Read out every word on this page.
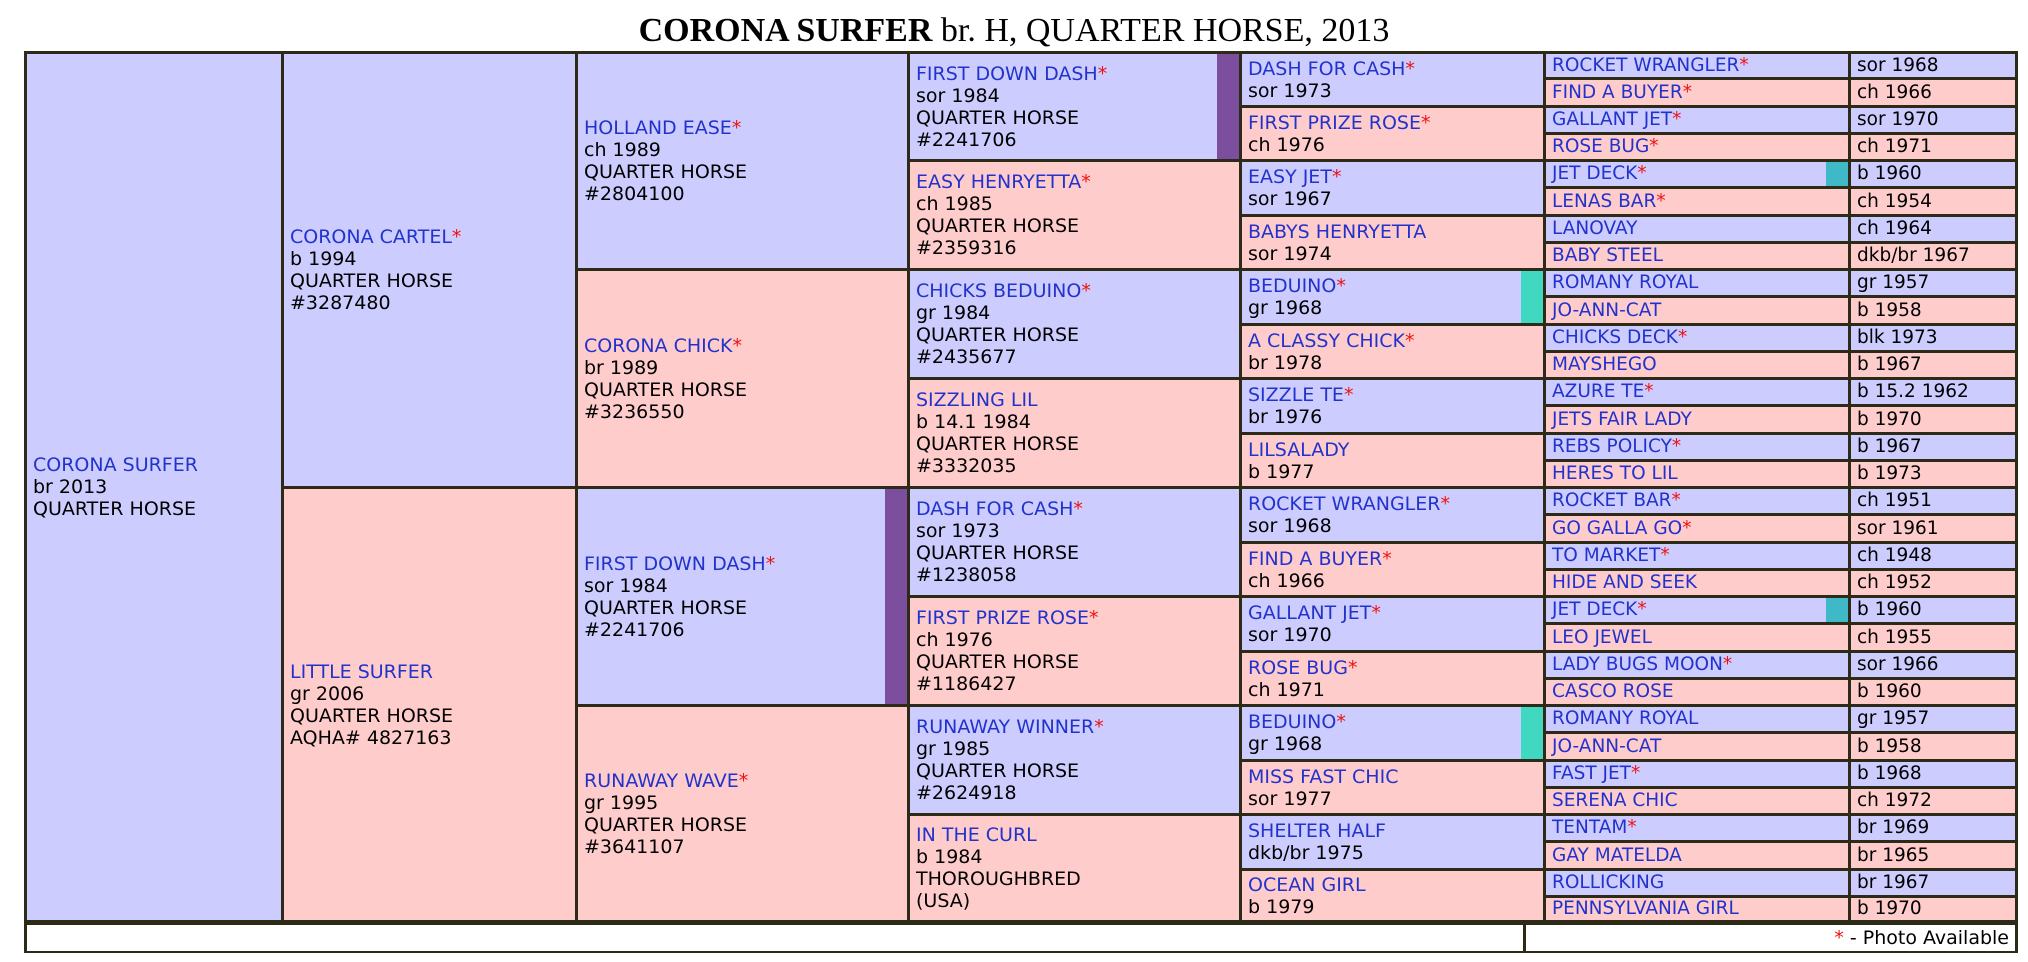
CORONA SURFER br. H, QUARTER HORSE, 2013
CORONA SURFER
br 2013
QUARTER HORSE
CORONA CARTEL*
b 1994
QUARTER HORSE
#3287480
LITTLE SURFER
gr 2006
QUARTER HORSE
AQHA# 4827163
HOLLAND EASE*
ch 1989
QUARTER HORSE
#2804100
CORONA CHICK*
br 1989
QUARTER HORSE
#3236550
FIRST DOWN DASH*
sor 1984
QUARTER HORSE
#2241706
RUNAWAY WAVE*
gr 1995
QUARTER HORSE
#3641107
FIRST DOWN DASH*
sor 1984
QUARTER HORSE
#2241706
EASY HENRYETTA*
ch 1985
QUARTER HORSE
#2359316
CHICKS BEDUINO*
gr 1984
QUARTER HORSE
#2435677
SIZZLING LIL
b 14.1 1984
QUARTER HORSE
#3332035
DASH FOR CASH*
sor 1973
QUARTER HORSE
#1238058
FIRST PRIZE ROSE*
ch 1976
QUARTER HORSE
#1186427
RUNAWAY WINNER*
gr 1985
QUARTER HORSE
#2624918
IN THE CURL
b 1984
THOROUGHBRED
(USA)
DASH FOR CASH*
sor 1973
FIRST PRIZE ROSE*
ch 1976
EASY JET*
sor 1967
BABYS HENRYETTA
sor 1974
BEDUINO*
gr 1968
A CLASSY CHICK*
br 1978
SIZZLE TE*
br 1976
LILSALADY
b 1977
ROCKET WRANGLER*
sor 1968
FIND A BUYER*
ch 1966
GALLANT JET*
sor 1970
ROSE BUG*
ch 1971
BEDUINO*
gr 1968
MISS FAST CHIC
sor 1977
SHELTER HALF
dkb/br 1975
OCEAN GIRL
b 1979
ROCKET WRANGLER*	sor 1968
FIND A BUYER*	ch 1966
GALLANT JET*	sor 1970
ROSE BUG*	ch 1971
JET DECK*	b 1960
LENAS BAR*	ch 1954
LANOVAY	ch 1964
BABY STEEL	dkb/br 1967
ROMANY ROYAL	gr 1957
JO-ANN-CAT	b 1958
CHICKS DECK*	blk 1973
MAYSHEGO	b 1967
AZURE TE*	b 15.2 1962
JETS FAIR LADY	b 1970
REBS POLICY*	b 1967
HERES TO LIL	b 1973
ROCKET BAR*	ch 1951
GO GALLA GO*	sor 1961
TO MARKET*	ch 1948
HIDE AND SEEK	ch 1952
JET DECK*	b 1960
LEO JEWEL	ch 1955
LADY BUGS MOON*	sor 1966
CASCO ROSE	b 1960
ROMANY ROYAL	gr 1957
JO-ANN-CAT	b 1958
FAST JET*	b 1968
SERENA CHIC	ch 1972
TENTAM*	br 1969
GAY MATELDA	br 1965
ROLLICKING	br 1967
PENNSYLVANIA GIRL	b 1970
* - Photo Available
